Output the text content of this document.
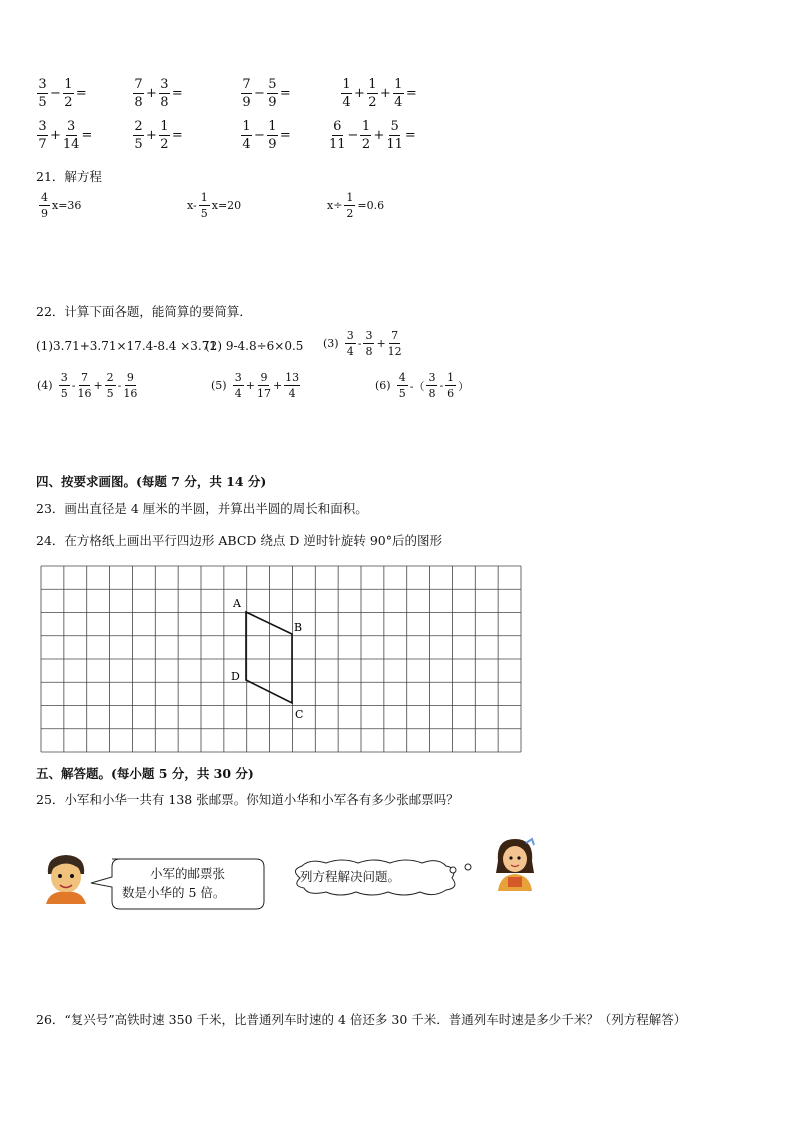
$\frac{3}{5} - \frac{1}{2}$ =	$\frac{7}{8} + \frac{3}{8}$ =	$\frac{7}{9} - \frac{5}{9}$ =	$\frac{1}{4} + \frac{1}{2} + \frac{1}{4}$ =
$\frac{3}{7} + \frac{3}{14}$ =	$\frac{2}{5} + \frac{1}{2}$ =	$\frac{1}{4} - \frac{1}{9}$ =	$\frac{6}{11} - \frac{1}{2} + \frac{5}{11}$ =
21．解方程
$\frac{4}{9} x=36$	$x- \frac{1}{5} x=20$	$x\div \frac{1}{2} =0.6$
22．计算下面各题，能简算的要简算．
(1)3.71+3.71×17.4-8.4 ×3.71
(2) 9-4.8÷6×0.5 $(3) \frac{3}{4} - \frac{3}{8} + \frac{7}{12}$
$(4) \frac{3}{5} - \frac{7}{16} + \frac{2}{5} - \frac{9}{16}$	$(5) \frac{3}{4} + \frac{9}{17} + \frac{13}{4}$	$(6) \frac{4}{5}$ -（ $\frac{3}{8} - \frac{1}{6}$ ）
四、按要求画图。(每题 7 分，共 14 分)
23．画出直径是 4 厘米的半圆，并算出半圆的周长和面积。
24．在方格纸上画出平行四边形 ABCD 绕点 D 逆时针旋转 90°后的图形
A
B
C
D
五、解答题。(每小题 5 分，共 30 分)
25．小军和小华一共有 138 张邮票。你知道小华和小军各有多少张邮票吗？
小军的邮票张
数是小华的 5 倍。
列方程解决问题。
26．“复兴号”高铁时速 350 千米，比普通列车时速的 4 倍还多 30 千米．普通列车时速是多少千米？（列方程解答）
